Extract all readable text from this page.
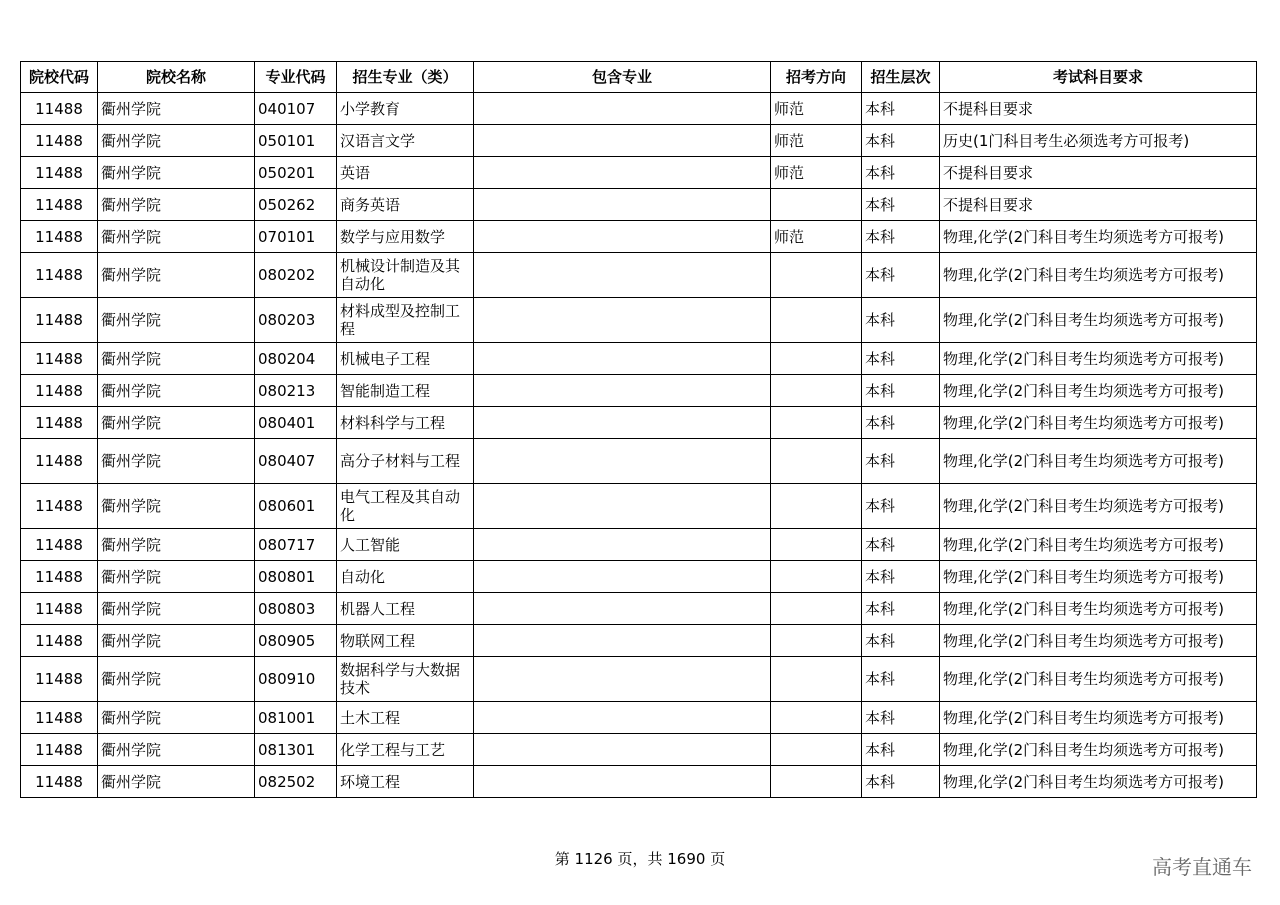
院校代码	院校名称	专业代码	招生专业（类）	包含专业	招考方向	招生层次	考试科目要求
11488	衢州学院	040107	小学教育		师范	本科	不提科目要求
11488	衢州学院	050101	汉语言文学		师范	本科	历史(1门科目考生必须选考方可报考)
11488	衢州学院	050201	英语		师范	本科	不提科目要求
11488	衢州学院	050262	商务英语			本科	不提科目要求
11488	衢州学院	070101	数学与应用数学		师范	本科	物理,化学(2门科目考生均须选考方可报考)
11488	衢州学院	080202	机械设计制造及其自动化			本科	物理,化学(2门科目考生均须选考方可报考)
11488	衢州学院	080203	材料成型及控制工程			本科	物理,化学(2门科目考生均须选考方可报考)
11488	衢州学院	080204	机械电子工程			本科	物理,化学(2门科目考生均须选考方可报考)
11488	衢州学院	080213	智能制造工程			本科	物理,化学(2门科目考生均须选考方可报考)
11488	衢州学院	080401	材料科学与工程			本科	物理,化学(2门科目考生均须选考方可报考)
11488	衢州学院	080407	高分子材料与工程			本科	物理,化学(2门科目考生均须选考方可报考)
11488	衢州学院	080601	电气工程及其自动化			本科	物理,化学(2门科目考生均须选考方可报考)
11488	衢州学院	080717	人工智能			本科	物理,化学(2门科目考生均须选考方可报考)
11488	衢州学院	080801	自动化			本科	物理,化学(2门科目考生均须选考方可报考)
11488	衢州学院	080803	机器人工程			本科	物理,化学(2门科目考生均须选考方可报考)
11488	衢州学院	080905	物联网工程			本科	物理,化学(2门科目考生均须选考方可报考)
11488	衢州学院	080910	数据科学与大数据技术			本科	物理,化学(2门科目考生均须选考方可报考)
11488	衢州学院	081001	土木工程			本科	物理,化学(2门科目考生均须选考方可报考)
11488	衢州学院	081301	化学工程与工艺			本科	物理,化学(2门科目考生均须选考方可报考)
11488	衢州学院	082502	环境工程			本科	物理,化学(2门科目考生均须选考方可报考)
第 1126 页，共 1690 页	高考直通车
